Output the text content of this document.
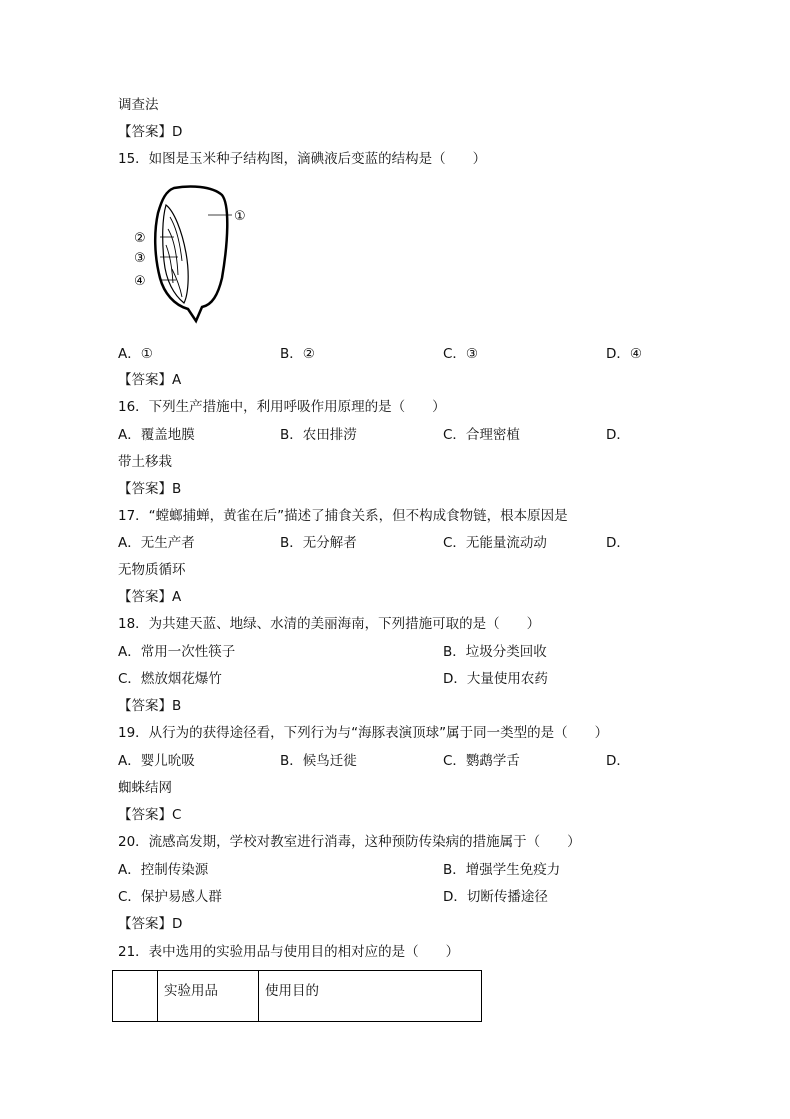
调查法
【答案】D
15．如图是玉米种子结构图，滴碘液后变蓝的结构是（　　）
①
②
③
④
A．①	B．②	C．③	D．④
【答案】A
16．下列生产措施中，利用呼吸作用原理的是（　　）
A．覆盖地膜	B．农田排涝	C．合理密植	D．
带土移栽
【答案】B
17．“螳螂捕蝉，黄雀在后”描述了捕食关系，但不构成食物链，根本原因是
A．无生产者	B．无分解者	C．无能量流动动	D．
无物质循环
【答案】A
18．为共建天蓝、地绿、水清的美丽海南，下列措施可取的是（　　）
A．常用一次性筷子	B．垃圾分类回收
C．燃放烟花爆竹	D．大量使用农药
【答案】B
19．从行为的获得途径看，下列行为与“海豚表演顶球”属于同一类型的是（　　）
A．婴儿吮吸	B．候鸟迁徙	C．鹦鹉学舌	D．
蜘蛛结网
【答案】C
20．流感高发期，学校对教室进行消毒，这种预防传染病的措施属于（　　）
A．控制传染源	B．增强学生免疫力
C．保护易感人群	D．切断传播途径
【答案】D
21．表中选用的实验用品与使用目的相对应的是（　　）
	实验用品	使用目的
